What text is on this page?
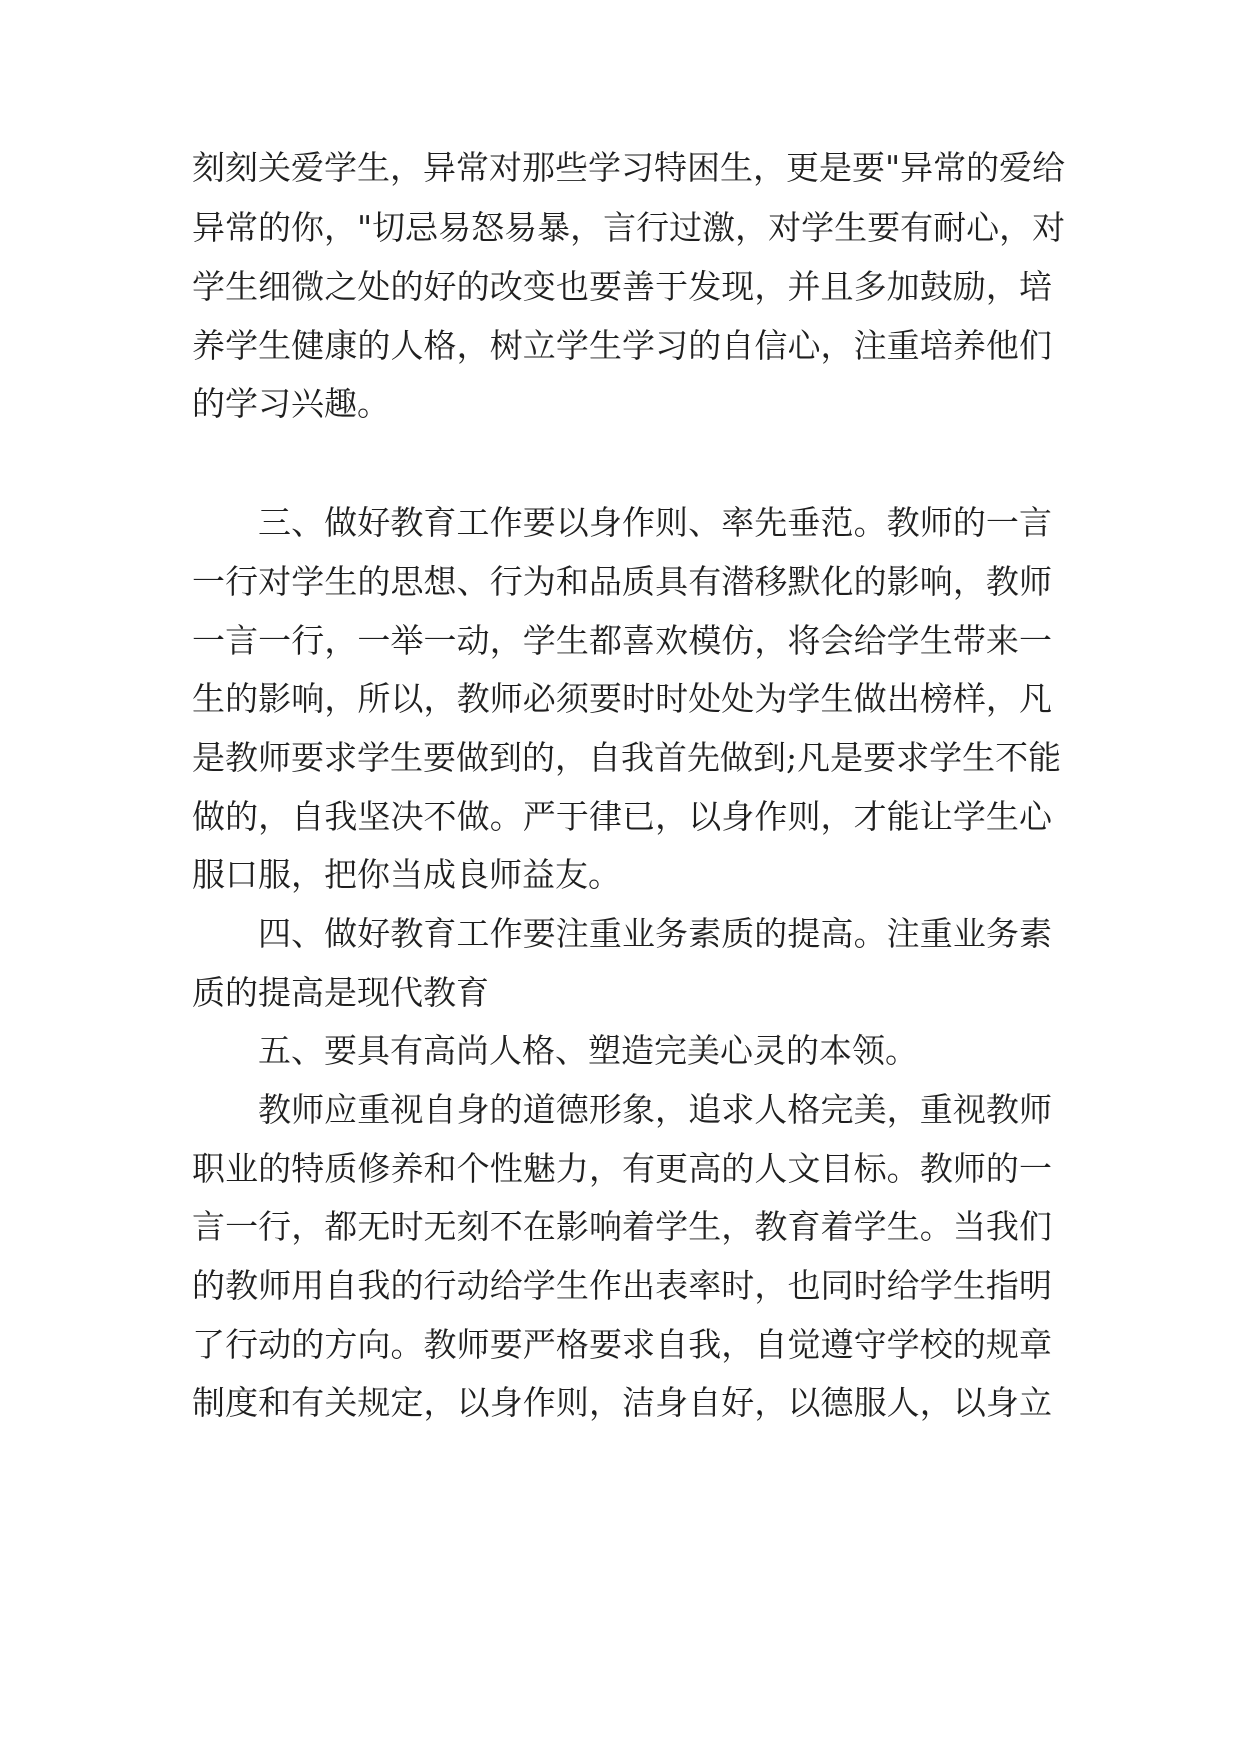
刻刻关爱学生，异常对那些学习特困生，更是要"异常的爱给
异常的你，"切忌易怒易暴，言行过激，对学生要有耐心，对
学生细微之处的好的改变也要善于发现，并且多加鼓励，培
养学生健康的人格，树立学生学习的自信心，注重培养他们
的学习兴趣。
三、做好教育工作要以身作则、率先垂范。教师的一言
一行对学生的思想、行为和品质具有潜移默化的影响，教师
一言一行，一举一动，学生都喜欢模仿，将会给学生带来一
生的影响，所以，教师必须要时时处处为学生做出榜样，凡
是教师要求学生要做到的，自我首先做到;凡是要求学生不能
做的，自我坚决不做。严于律已，以身作则，才能让学生心
服口服，把你当成良师益友。
四、做好教育工作要注重业务素质的提高。注重业务素
质的提高是现代教育
五、要具有高尚人格、塑造完美心灵的本领。
教师应重视自身的道德形象，追求人格完美，重视教师
职业的特质修养和个性魅力，有更高的人文目标。教师的一
言一行，都无时无刻不在影响着学生，教育着学生。当我们
的教师用自我的行动给学生作出表率时，也同时给学生指明
了行动的方向。教师要严格要求自我，自觉遵守学校的规章
制度和有关规定，以身作则，洁身自好，以德服人，以身立
